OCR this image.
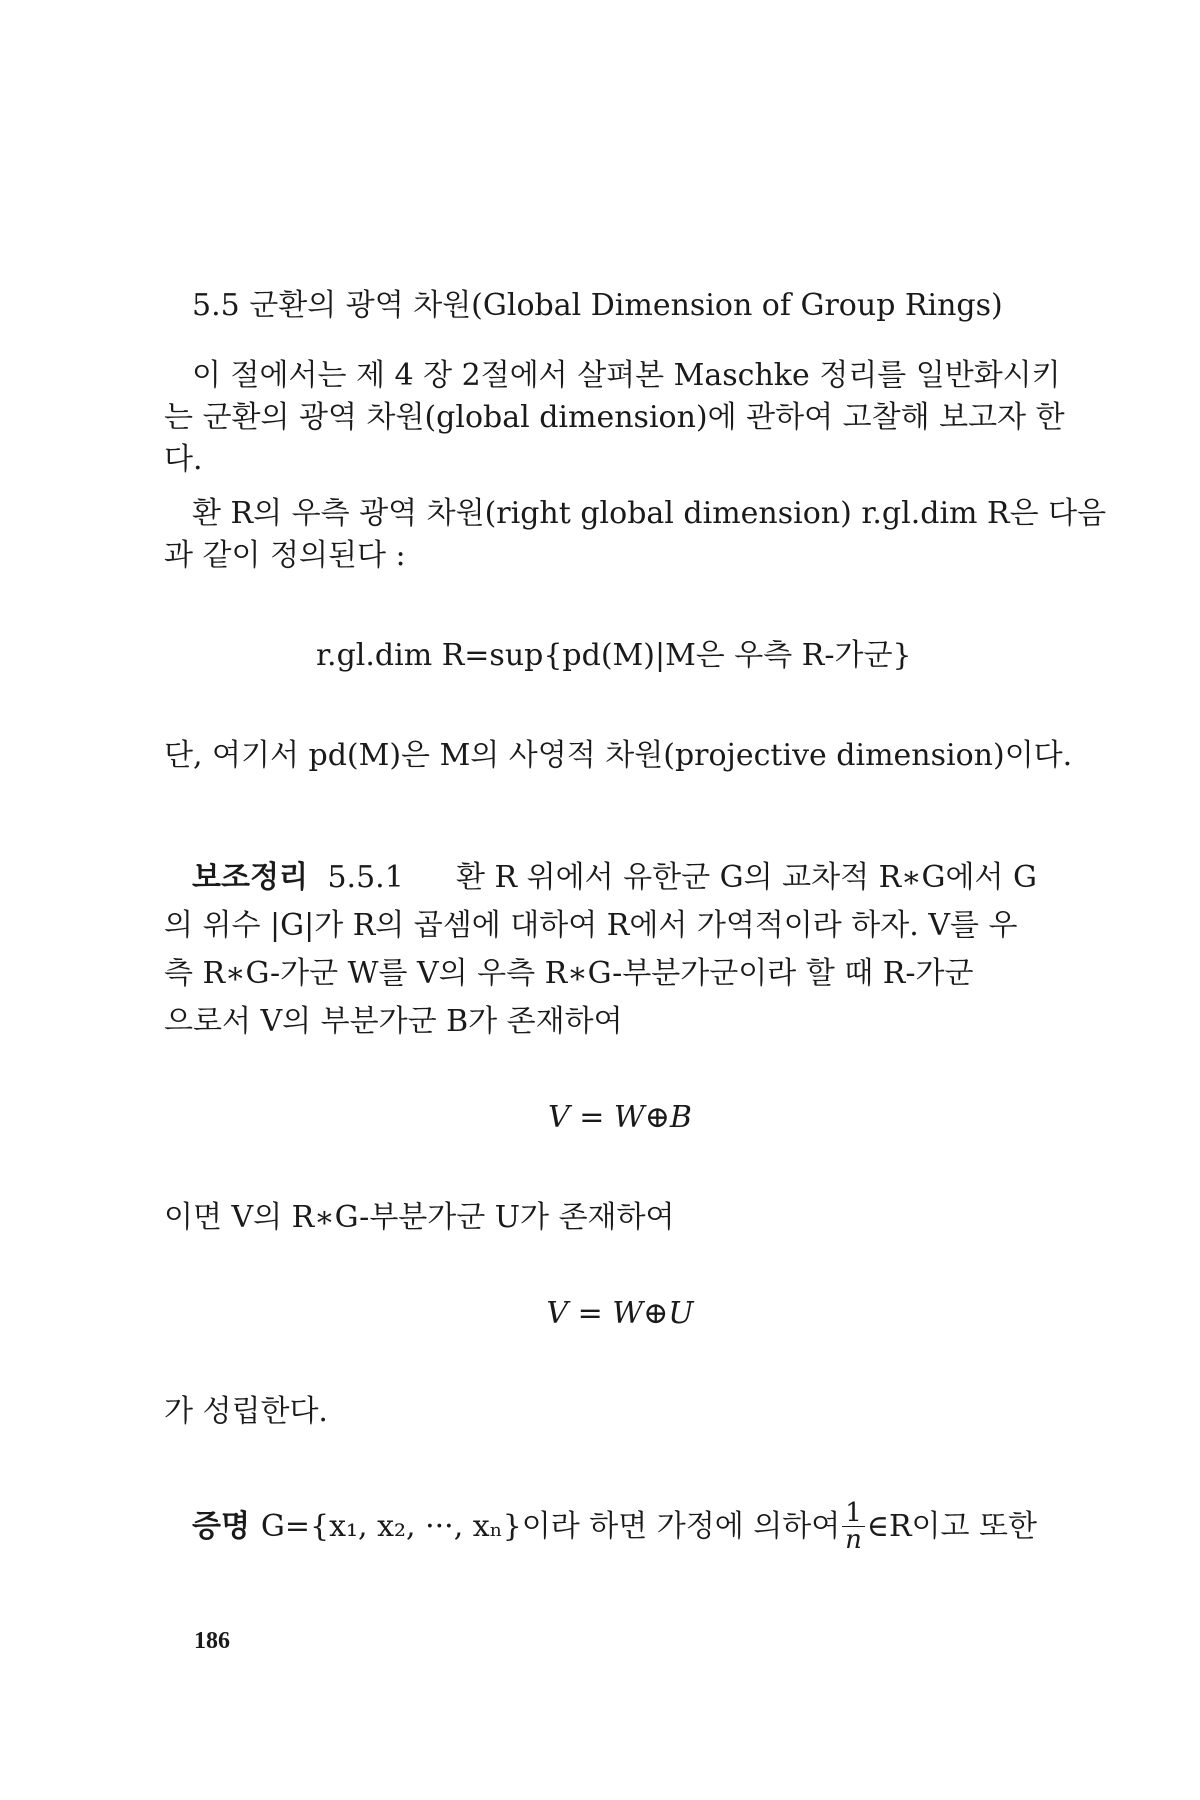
5.5 군환의 광역 차원(Global Dimension of Group Rings)
이 절에서는 제 4 장 2절에서 살펴본 Maschke 정리를 일반화시키
는 군환의 광역 차원(global dimension)에 관하여 고찰해 보고자 한
다.
환 R의 우측 광역 차원(right global dimension) r.gl.dim R은 다음
과 같이 정의된다 :
r.gl.dim R=sup{pd(M)|M은 우측 R-가군}
단, 여기서 pd(M)은 M의 사영적 차원(projective dimension)이다.
보조정리 5.5.1 환 R 위에서 유한군 G의 교차적 R∗G에서 G
의 위수 |G|가 R의 곱셈에 대하여 R에서 가역적이라 하자. V를 우
측 R∗G-가군 W를 V의 우측 R∗G-부분가군이라 할 때 R-가군
으로서 V의 부분가군 B가 존재하여
V = W⊕B
이면 V의 R∗G-부분가군 U가 존재하여
V = W⊕U
가 성립한다.
증명 G={x₁, x₂, ···, xₙ}이라 하면 가정에 의하여 $\frac{1}{n}$ ∈R이고 또한
186
